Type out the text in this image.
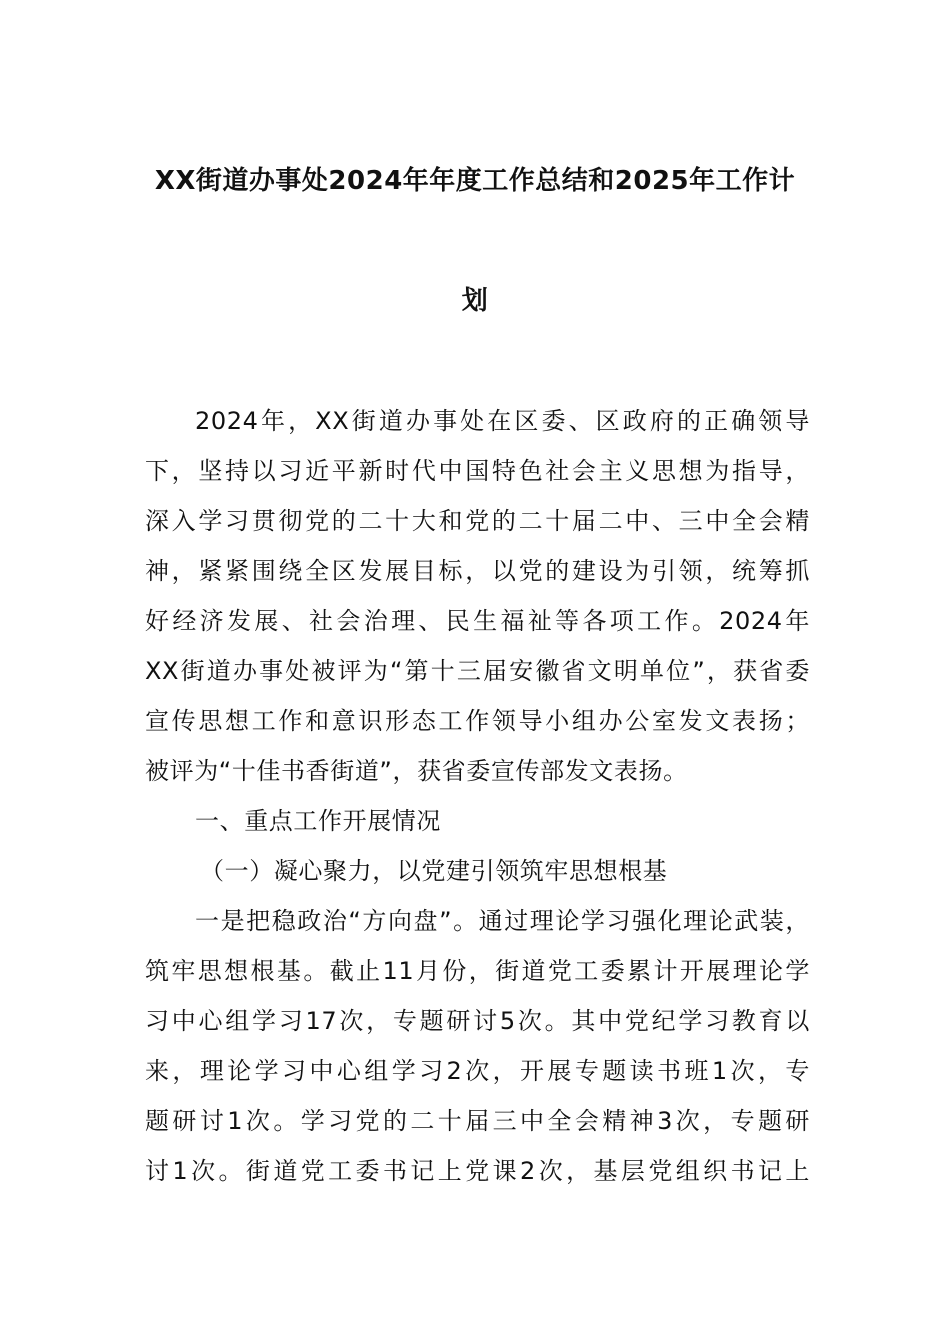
XX街道办事处2024年年度工作总结和2025年工作计
划
2024年，XX街道办事处在区委、区政府的正确领导
下，坚持以习近平新时代中国特色社会主义思想为指导，
深入学习贯彻党的二十大和党的二十届二中、三中全会精
神，紧紧围绕全区发展目标，以党的建设为引领，统筹抓
好经济发展、社会治理、民生福祉等各项工作。2024年
XX街道办事处被评为“第十三届安徽省文明单位”，获省委
宣传思想工作和意识形态工作领导小组办公室发文表扬；
被评为“十佳书香街道”，获省委宣传部发文表扬。
一、重点工作开展情况
（一）凝心聚力，以党建引领筑牢思想根基
一是把稳政治“方向盘”。通过理论学习强化理论武装，
筑牢思想根基。截止11月份，街道党工委累计开展理论学
习中心组学习17次，专题研讨5次。其中党纪学习教育以
来，理论学习中心组学习2次，开展专题读书班1次，专
题研讨1次。学习党的二十届三中全会精神3次，专题研
讨1次。街道党工委书记上党课2次，基层党组织书记上
